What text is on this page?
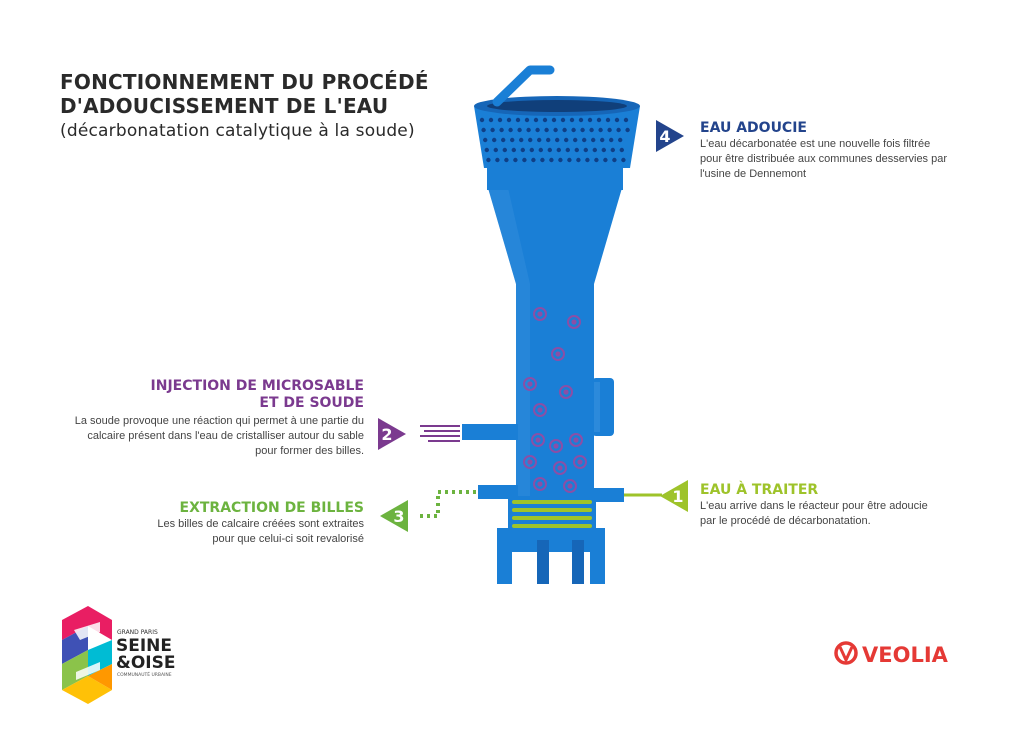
1
2
3
4
GRAND PARIS
SEINE
&OISE
COMMUNAUTÉ URBAINE
VEOLIA
FONCTIONNEMENT DU PROCÉDÉ
D'ADOUCISSEMENT DE L'EAU
(décarbonatation catalytique à la soude)	EAU ADOUCIE
L'eau décarbonatée est une nouvelle fois filtrée pour être distribuée aux communes desservies par l'usine de Dennemont
INJECTION DE MICROSABLE
ET DE SOUDE
La soude provoque une réaction qui permet à une partie du calcaire présent dans l'eau de cristalliser autour du sable pour former des billes.
EXTRACTION DE BILLES
Les billes de calcaire créées sont extraites pour que celui-ci soit revalorisé
EAU À TRAITER
L'eau arrive dans le réacteur pour être adoucie par le procédé de décarbonatation.
